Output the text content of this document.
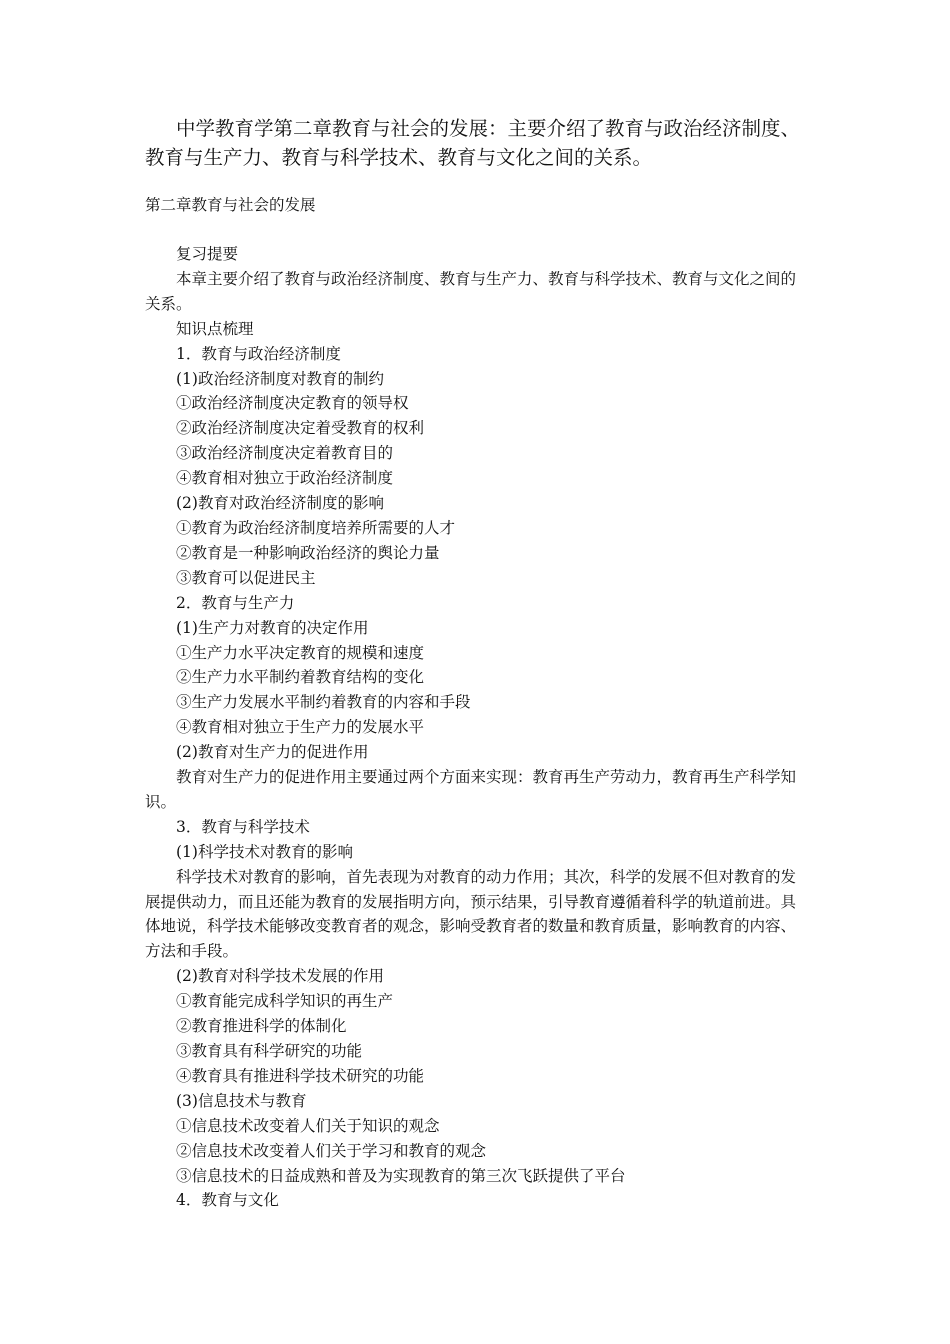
中学教育学第二章教育与社会的发展：主要介绍了教育与政治经济制度、教育与生产力、教育与科学技术、教育与文化之间的关系。

第二章教育与社会的发展

复习提要

本章主要介绍了教育与政治经济制度、教育与生产力、教育与科学技术、教育与文化之间的关系。

知识点梳理

1．教育与政治经济制度

(1)政治经济制度对教育的制约

①政治经济制度决定教育的领导权

②政治经济制度决定着受教育的权利

③政治经济制度决定着教育目的

④教育相对独立于政治经济制度

(2)教育对政治经济制度的影响

①教育为政治经济制度培养所需要的人才

②教育是一种影响政治经济的舆论力量

③教育可以促进民主

2．教育与生产力

(1)生产力对教育的决定作用

①生产力水平决定教育的规模和速度

②生产力水平制约着教育结构的变化

③生产力发展水平制约着教育的内容和手段

④教育相对独立于生产力的发展水平

(2)教育对生产力的促进作用

教育对生产力的促进作用主要通过两个方面来实现：教育再生产劳动力，教育再生产科学知识。

3．教育与科学技术

(1)科学技术对教育的影响

科学技术对教育的影响，首先表现为对教育的动力作用；其次，科学的发展不但对教育的发展提供动力，而且还能为教育的发展指明方向，预示结果，引导教育遵循着科学的轨道前进。具体地说，科学技术能够改变教育者的观念，影响受教育者的数量和教育质量，影响教育的内容、方法和手段。

(2)教育对科学技术发展的作用

①教育能完成科学知识的再生产

②教育推进科学的体制化

③教育具有科学研究的功能

④教育具有推进科学技术研究的功能

(3)信息技术与教育

①信息技术改变着人们关于知识的观念

②信息技术改变着人们关于学习和教育的观念

③信息技术的日益成熟和普及为实现教育的第三次飞跃提供了平台

4．教育与文化
